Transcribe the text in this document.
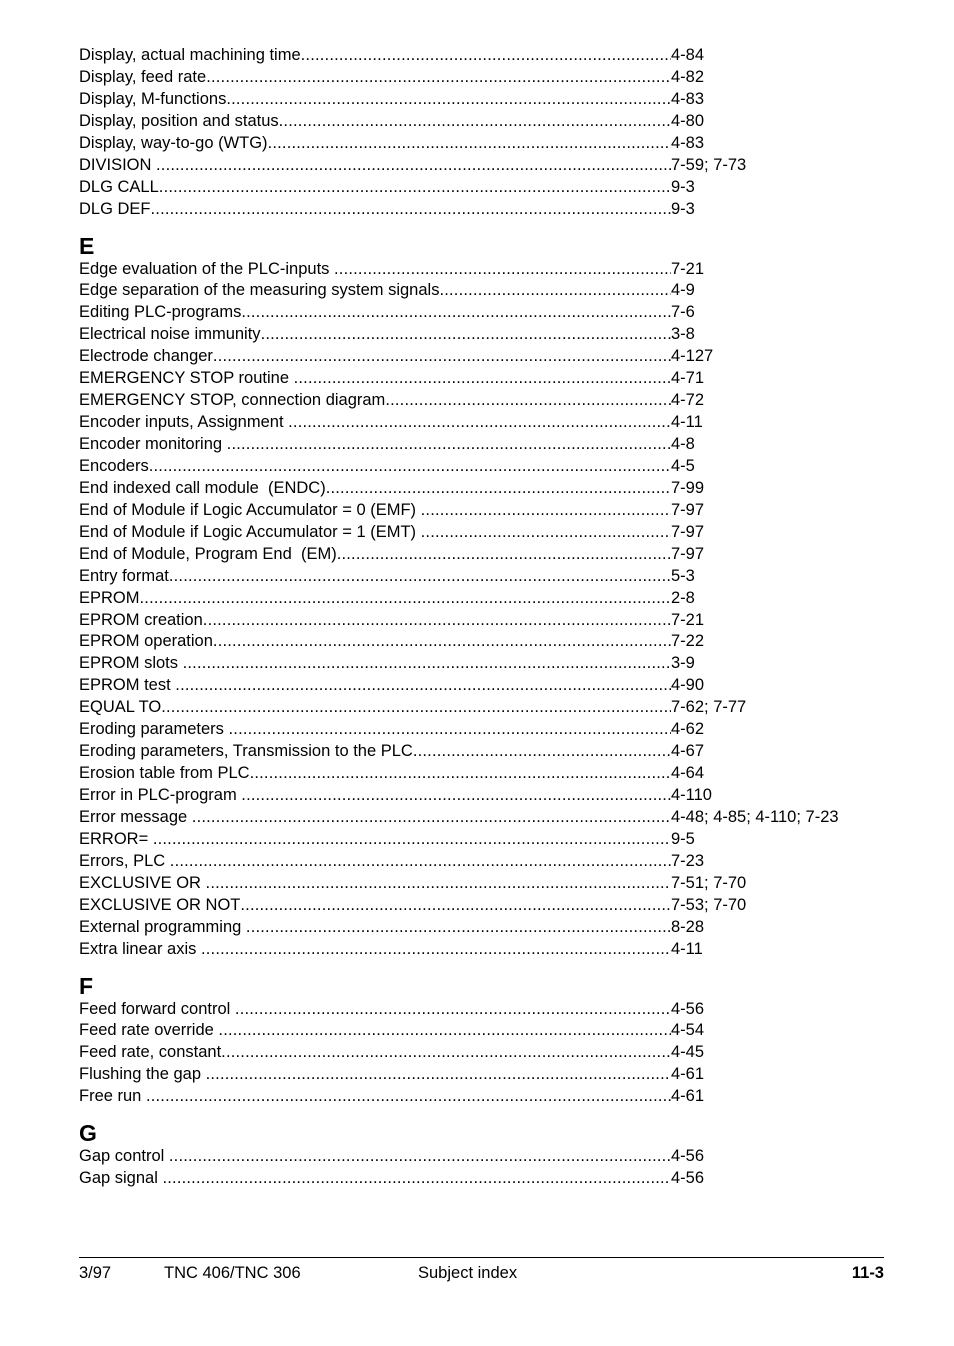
Display, actual machining time .....	4-84
Display, feed rate .....	4-82
Display, M-functions .....	4-83
Display, position and status .....	4-80
Display, way-to-go (WTG) .....	4-83
DIVISION .....	7-59; 7-73
DLG CALL .....	9-3
DLG DEF .....	9-3
E
Edge evaluation of the PLC-inputs .....	7-21
Edge separation of the measuring system signals .....	4-9
Editing PLC-programs .....	7-6
Electrical noise immunity .....	3-8
Electrode changer .....	4-127
EMERGENCY STOP routine .....	4-71
EMERGENCY STOP, connection diagram .....	4-72
Encoder inputs, Assignment .....	4-11
Encoder monitoring .....	4-8
Encoders .....	4-5
End indexed call module  (ENDC) .....	7-99
End of Module if Logic Accumulator = 0 (EMF) .....	7-97
End of Module if Logic Accumulator = 1 (EMT) .....	7-97
End of Module, Program End  (EM) .....	7-97
Entry format .....	5-3
EPROM .....	2-8
EPROM creation .....	7-21
EPROM operation .....	7-22
EPROM slots .....	3-9
EPROM test .....	4-90
EQUAL TO .....	7-62; 7-77
Eroding parameters .....	4-62
Eroding parameters, Transmission to the PLC .....	4-67
Erosion table from PLC .....	4-64
Error in PLC-program .....	4-110
Error message .....	4-48; 4-85; 4-110; 7-23
ERROR= .....	9-5
Errors, PLC .....	7-23
EXCLUSIVE OR .....	7-51; 7-70
EXCLUSIVE OR NOT .....	7-53; 7-70
External programming .....	8-28
Extra linear axis .....	4-11
F
Feed forward control .....	4-56
Feed rate override .....	4-54
Feed rate, constant .....	4-45
Flushing the gap .....	4-61
Free run .....	4-61
G
Gap control .....	4-56
Gap signal .....	4-56
3/97	TNC 406/TNC 306	Subject index	11-3
